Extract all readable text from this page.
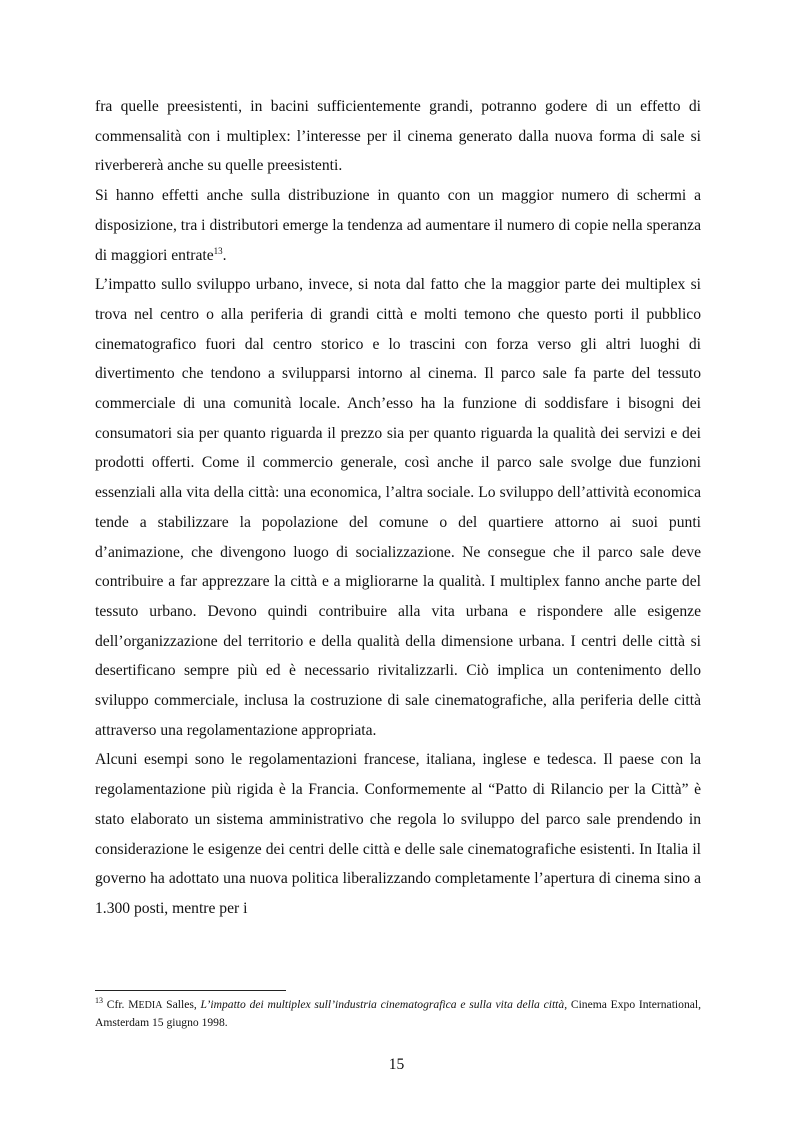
fra quelle preesistenti, in bacini sufficientemente grandi, potranno godere di un effetto di commensalità con i multiplex: l’interesse per il cinema generato dalla nuova forma di sale si riverbererà anche su quelle preesistenti.

Si hanno effetti anche sulla distribuzione in quanto con un maggior numero di schermi a disposizione, tra i distributori emerge la tendenza ad aumentare il numero di copie nella speranza di maggiori entrate$^{13}$.

L’impatto sullo sviluppo urbano, invece, si nota dal fatto che la maggior parte dei multiplex si trova nel centro o alla periferia di grandi città e molti temono che questo porti il pubblico cinematografico fuori dal centro storico e lo trascini con forza verso gli altri luoghi di divertimento che tendono a svilupparsi intorno al cinema. Il parco sale fa parte del tessuto commerciale di una comunità locale. Anch’esso ha la funzione di soddisfare i bisogni dei consumatori sia per quanto riguarda il prezzo sia per quanto riguarda la qualità dei servizi e dei prodotti offerti. Come il commercio generale, così anche il parco sale svolge due funzioni essenziali alla vita della città: una economica, l’altra sociale. Lo sviluppo dell’attività economica tende a stabilizzare la popolazione del comune o del quartiere attorno ai suoi punti d’animazione, che divengono luogo di socializzazione. Ne consegue che il parco sale deve contribuire a far apprezzare la città e a migliorarne la qualità. I multiplex fanno anche parte del tessuto urbano. Devono quindi contribuire alla vita urbana e rispondere alle esigenze dell’organizzazione del territorio e della qualità della dimensione urbana. I centri delle città si desertificano sempre più ed è necessario rivitalizzarli. Ciò implica un contenimento dello sviluppo commerciale, inclusa la costruzione di sale cinematografiche, alla periferia delle città attraverso una regolamentazione appropriata.

Alcuni esempi sono le regolamentazioni francese, italiana, inglese e tedesca. Il paese con la regolamentazione più rigida è la Francia. Conformemente al “Patto di Rilancio per la Città” è stato elaborato un sistema amministrativo che regola lo sviluppo del parco sale prendendo in considerazione le esigenze dei centri delle città e delle sale cinematografiche esistenti. In Italia il governo ha adottato una nuova politica liberalizzando completamente l’apertura di cinema sino a 1.300 posti, mentre per i

$^{13}$ Cfr. MEDIA Salles, L’impatto dei multiplex sull’industria cinematografica e sulla vita della città, Cinema Expo International, Amsterdam 15 giugno 1998.
15
